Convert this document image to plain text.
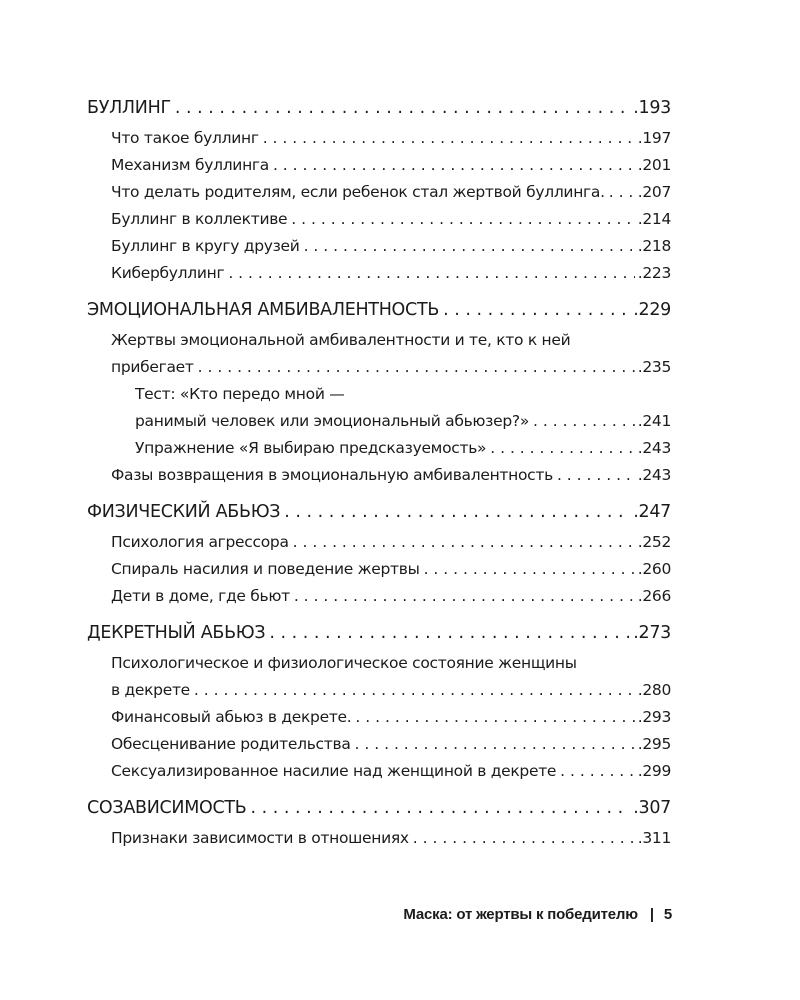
БУЛЛИНГ . . .	.193
Что такое буллинг . . .	.197
Механизм буллинга . . .	.201
Что делать родителям, если ребенок стал жертвой буллинга. . . . .207
Буллинг в коллективе . . .	.214
Буллинг в кругу друзей . . .	.218
Кибербуллинг . . .	.223
ЭМОЦИОНАЛЬНАЯ АМБИВАЛЕНТНОСТЬ . . .	.229
Жертвы эмоциональной амбивалентности и те, кто к ней
прибегает . . .	.235
Тест: «Кто передо мной —
ранимый человек или эмоциональный абьюзер?» . . .	.241
Упражнение «Я выбираю предсказуемость» . . .	.243
Фазы возвращения в эмоциональную амбивалентность . . .	.243
ФИЗИЧЕСКИЙ АБЬЮЗ . . .	.247
Психология агрессора . . .	.252
Спираль насилия и поведение жертвы . . .	.260
Дети в доме, где бьют . . .	.266
ДЕКРЕТНЫЙ АБЬЮЗ . . .	.273
Психологическое и физиологическое состояние женщины
в декрете . . .	.280
Финансовый абьюз в декрете. . . .	.293
Обесценивание родительства . . .	.295
Сексуализированное насилие над женщиной в декрете . . .	.299
СОЗАВИСИМОСТЬ . . .	.307
Признаки зависимости в отношениях . . .	.311
Маска: от жертвы к победителю | 5
